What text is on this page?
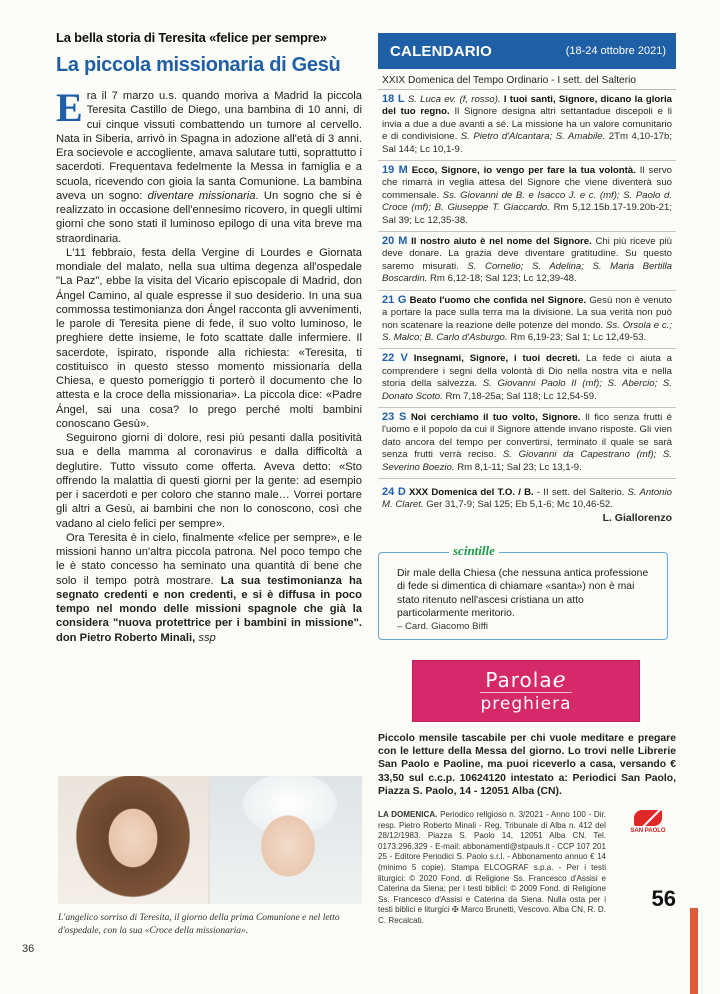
La bella storia di Teresita «felice per sempre»
La piccola missionaria di Gesù

Era il 7 marzo u.s. quando moriva a Madrid la piccola Teresita Castillo de Diego, una bambina di 10 anni, di cui cinque vissuti combattendo un tumore al cervello. Nata in Siberia, arrivò in Spagna in adozione all'età di 3 anni. Era socievole e accogliente, amava salutare tutti, soprattutto i sacerdoti. Frequentava fedelmente la Messa in famiglia e a scuola, ricevendo con gioia la santa Comunione. La bambina aveva un sogno: diventare missionaria. Un sogno che si è realizzato in occasione dell'ennesimo ricovero, in quegli ultimi giorni che sono stati il luminoso epilogo di una vita breve ma straordinaria.

L'11 febbraio, festa della Vergine di Lourdes e Giornata mondiale del malato, nella sua ultima degenza all'ospedale "La Paz", ebbe la visita del Vicario episcopale di Madrid, don Ángel Camino, al quale espresse il suo desiderio. In una sua commossa testimonianza don Ángel racconta gli avvenimenti, le parole di Teresita piene di fede, il suo volto luminoso, le preghiere dette insieme, le foto scattate dalle infermiere. Il sacerdote, ispirato, risponde alla richiesta: «Teresita, ti costituisco in questo stesso momento missionaria della Chiesa, e questo pomeriggio ti porterò il documento che lo attesta e la croce della missionaria». La piccola dice: «Padre Ángel, sai una cosa? Io prego perché molti bambini conoscano Gesù».

Seguirono giorni di dolore, resi più pesanti dalla positività sua e della mamma al coronavirus e dalla difficoltà a deglutire. Tutto vissuto come offerta. Aveva detto: «Sto offrendo la malattia di questi giorni per la gente: ad esempio per i sacerdoti e per coloro che stanno male… Vorrei portare gli altri a Gesù, ai bambini che non lo conoscono, così che vadano al cielo felici per sempre».

Ora Teresita è in cielo, finalmente «felice per sempre», e le missioni hanno un'altra piccola patrona. Nel poco tempo che le è stato concesso ha seminato una quantità di bene che solo il tempo potrà mostrare. La sua testimonianza ha segnato credenti e non credenti, e si è diffusa in poco tempo nel mondo delle missioni spagnole che già la considera "nuova protettrice per i bambini in missione". don Pietro Roberto Minali, ssp

L'angelico sorriso di Teresita, il giorno della prima Comunione e nel letto d'ospedale, con la sua «Croce della missionaria».
36
CALENDARIO	(18-24 ottobre 2021)
XXIX Domenica del Tempo Ordinario - I sett. del Salterio
18 L S. Luca ev. (f, rosso). I tuoi santi, Signore, dicano la gloria del tuo regno. Il Signore designa altri settantadue discepoli e li invia a due a due avanti a sé. La missione ha un valore comunitario e di condivisione. S. Pietro d'Alcantara; S. Amabile. 2Tm 4,10-17b; Sal 144; Lc 10,1-9.
19 M Ecco, Signore, io vengo per fare la tua volontà. Il servo che rimarrà in veglia attesa del Signore che viene diventerà suo commensale. Ss. Giovanni de B. e Isacco J. e c. (mf); S. Paolo d. Croce (mf); B. Giuseppe T. Giaccardo. Rm 5,12.15b.17-19.20b-21; Sal 39; Lc 12,35-38.
20 M Il nostro aiuto è nel nome del Signore. Chi più riceve più deve donare. La grazia deve diventare gratitudine. Su questo saremo misurati. S. Cornelio; S. Adelina; S. Maria Bertilla Boscardin. Rm 6,12-18; Sal 123; Lc 12,39-48.
21 G Beato l'uomo che confida nel Signore. Gesù non è venuto a portare la pace sulla terra ma la divisione. La sua verità non può non scatenare la reazione delle potenze del mondo. Ss. Orsola e c.; S. Malco; B. Carlo d'Asburgo. Rm 6,19-23; Sal 1; Lc 12,49-53.
22 V Insegnami, Signore, i tuoi decreti. La fede ci aiuta a comprendere i segni della volontà di Dio nella nostra vita e nella storia della salvezza. S. Giovanni Paolo II (mf); S. Abercio; S. Donato Scoto. Rm 7,18-25a; Sal 118; Lc 12,54-59.
23 S Noi cerchiamo il tuo volto, Signore. Il fico senza frutti è l'uomo e il popolo da cui il Signore attende invano risposte. Gli vien dato ancora del tempo per convertirsi, terminato il quale se sarà senza frutti verrà reciso. S. Giovanni da Capestrano (mf); S. Severino Boezio. Rm 8,1-11; Sal 23; Lc 13,1-9.
24 D XXX Domenica del T.O. / B. - II sett. del Salterio. S. Antonio M. Claret. Ger 31,7-9; Sal 125; Eb 5,1-6; Mc 10,46-52.
L. Giallorenzo
scintille
Dir male della Chiesa (che nessuna antica professione di fede si dimentica di chiamare «santa») non è mai stato ritenuto nell'ascesi cristiana un atto particolarmente meritorio.
– Card. Giacomo Biffi
Parolae
preghiera
Piccolo mensile tascabile per chi vuole meditare e pregare con le letture della Messa del giorno. Lo trovi nelle Librerie San Paolo e Paoline, ma puoi riceverlo a casa, versando € 33,50 sul c.c.p. 10624120 intestato a: Periodici San Paolo, Piazza S. Paolo, 14 - 12051 Alba (CN).
LA DOMENICA. Periodico religioso n. 3/2021 - Anno 100 - Dir. resp. Pietro Roberto Minali - Reg. Tribunale di Alba n. 412 del 28/12/1983. Piazza S. Paolo 14, 12051 Alba CN. Tel. 0173.296.329 - E-mail: abbonamenti@stpauls.it - CCP 107 201 25 - Editore Periodici S. Paolo s.r.l. - Abbonamento annuo € 14 (minimo 5 copie). Stampa ELCOGRAF s.p.a. - Per i testi liturgici: © 2020 Fond. di Religione Ss. Francesco d'Assisi e Caterina da Siena; per i testi biblici: © 2009 Fond. di Religione Ss. Francesco d'Assisi e Caterina da Siena. Nulla osta per i testi biblici e liturgici ✠ Marco Brunetti, Vescovo. Alba CN, R. D. C. Recalcati.
SAN PAOLO
56
